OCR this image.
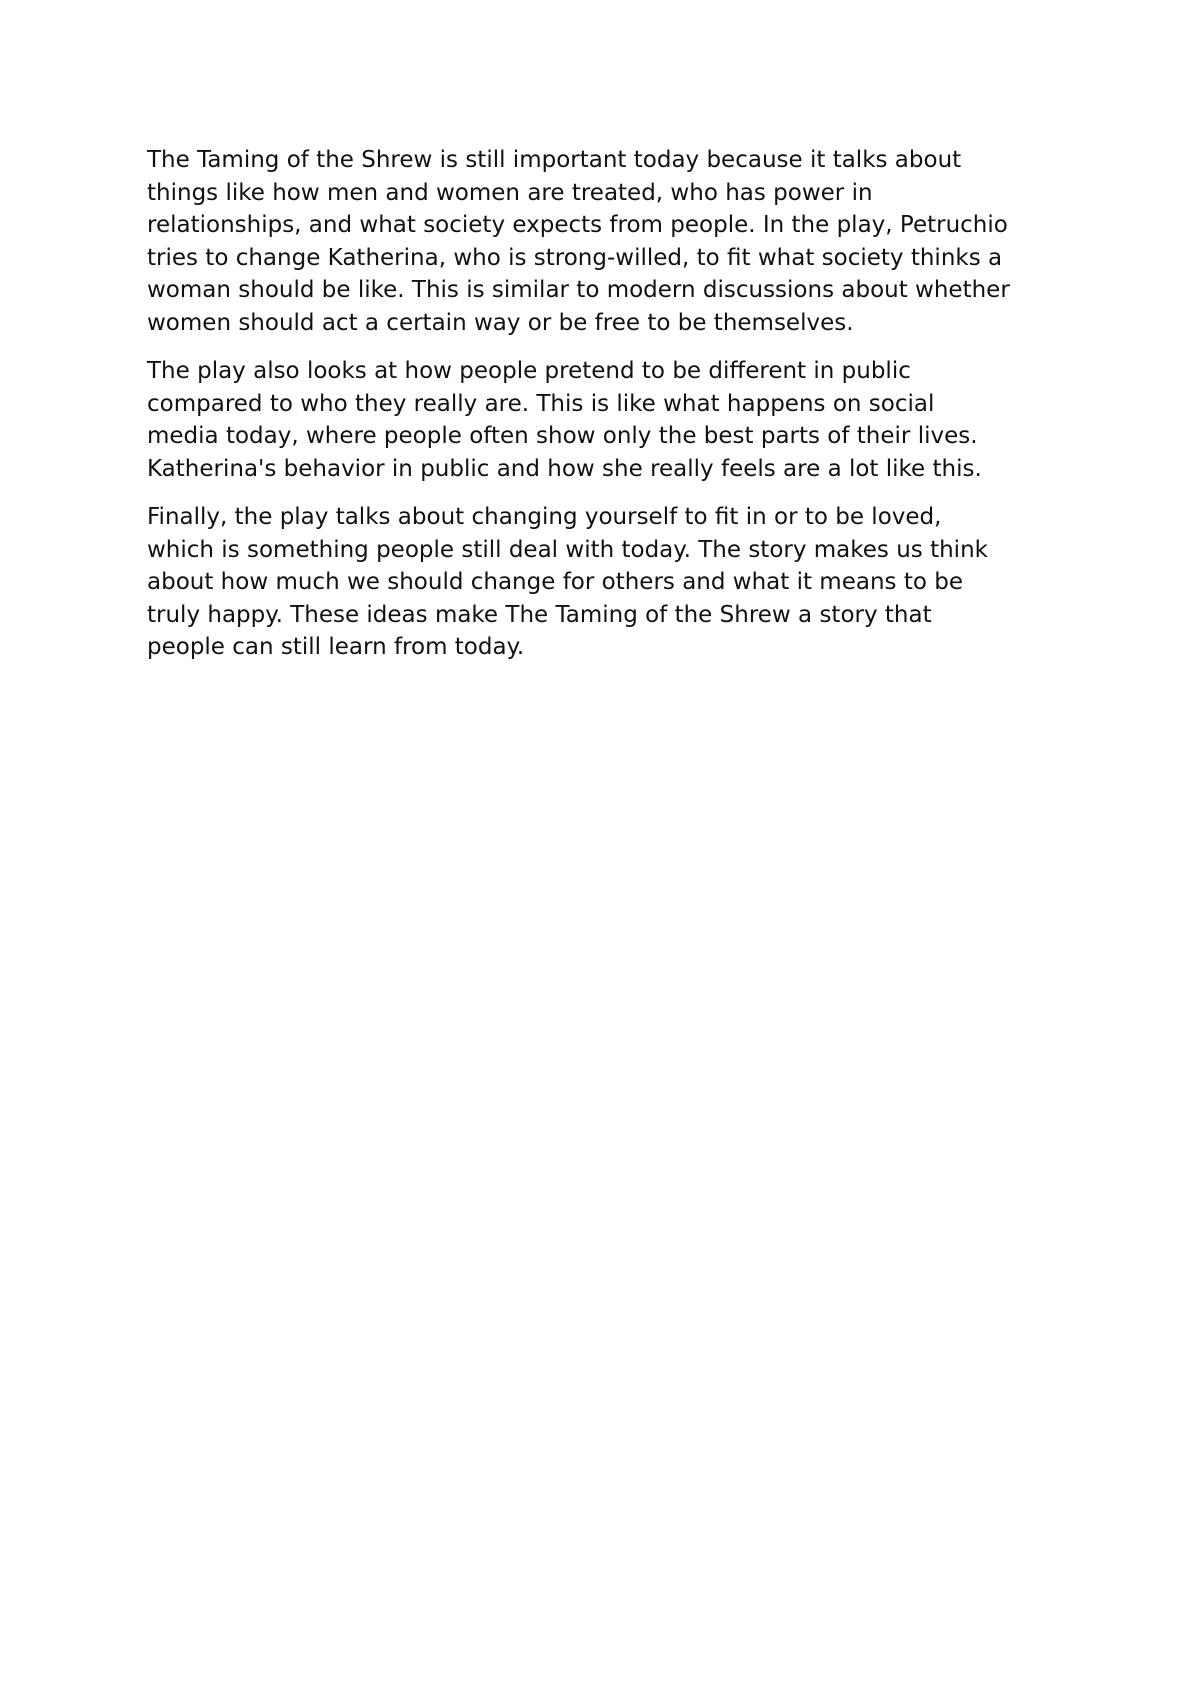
The Taming of the Shrew is still important today because it talks about
things like how men and women are treated, who has power in
relationships, and what society expects from people. In the play, Petruchio
tries to change Katherina, who is strong-willed, to fit what society thinks a
woman should be like. This is similar to modern discussions about whether
women should act a certain way or be free to be themselves.

The play also looks at how people pretend to be different in public
compared to who they really are. This is like what happens on social
media today, where people often show only the best parts of their lives.
Katherina's behavior in public and how she really feels are a lot like this.

Finally, the play talks about changing yourself to fit in or to be loved,
which is something people still deal with today. The story makes us think
about how much we should change for others and what it means to be
truly happy. These ideas make The Taming of the Shrew a story that
people can still learn from today.
